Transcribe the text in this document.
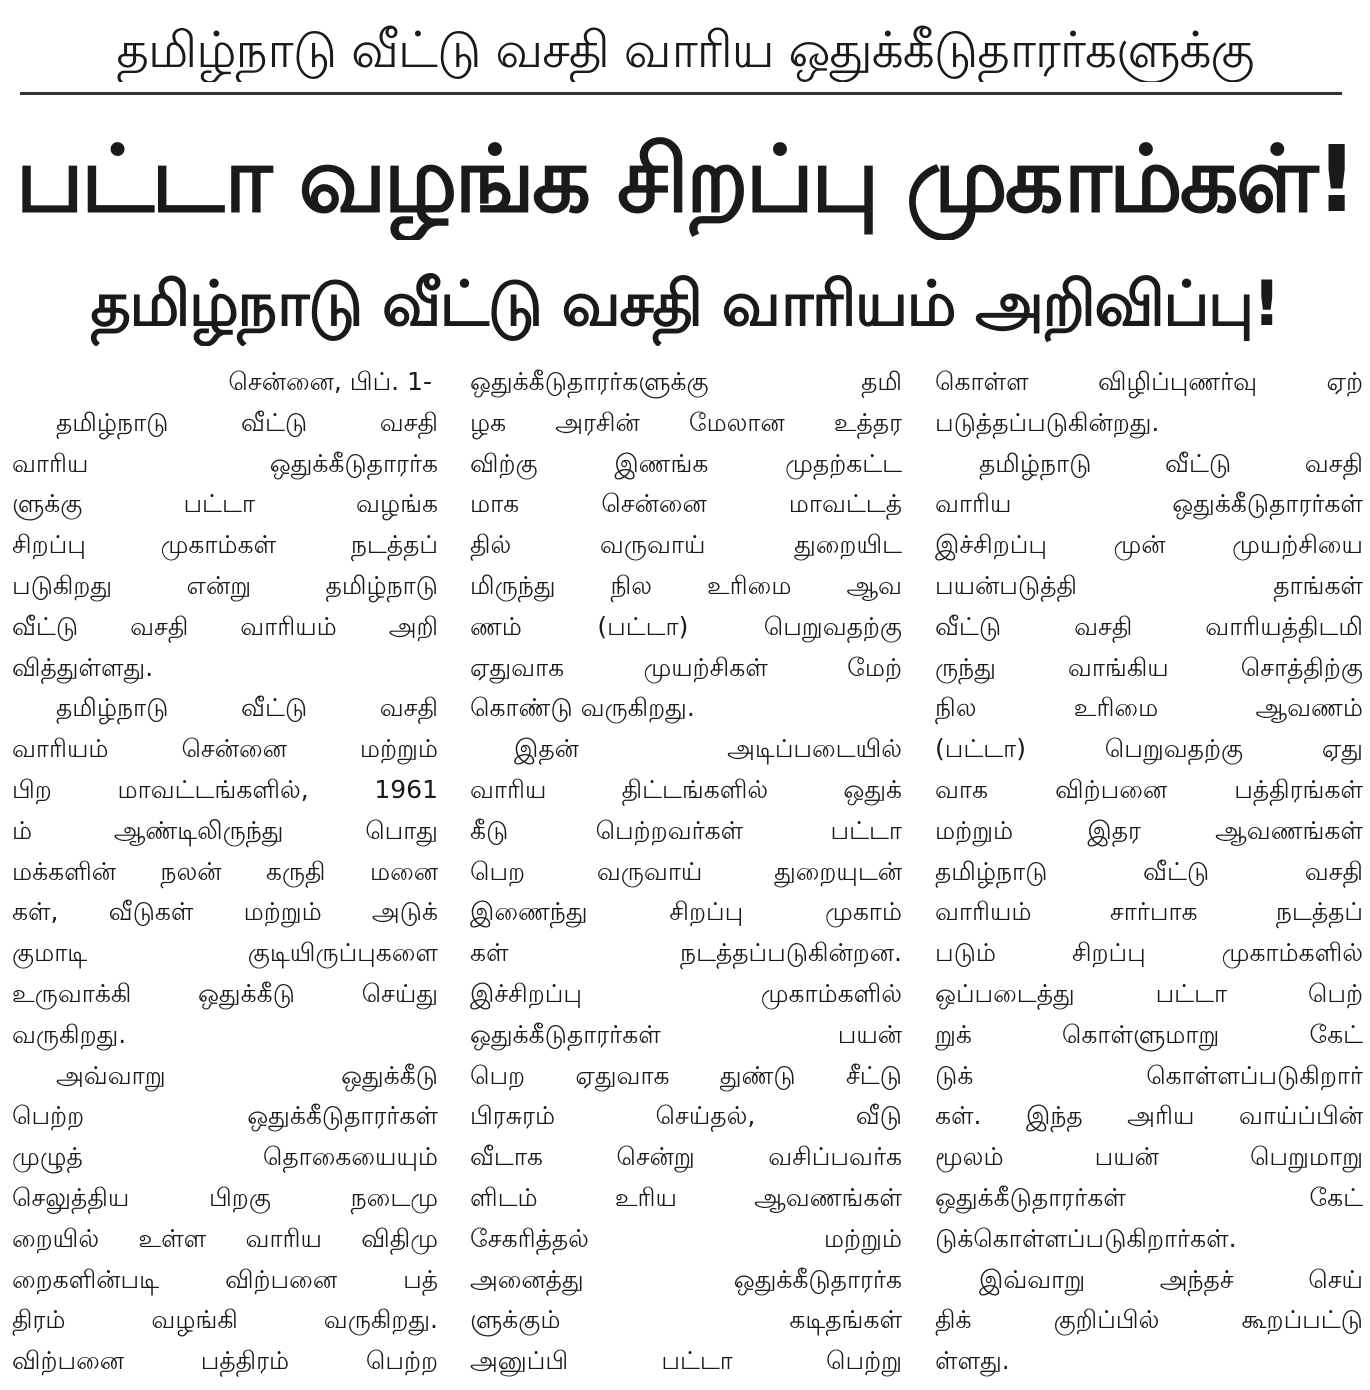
தமிழ்நாடு வீட்டு வசதி வாரிய ஒதுக்கீடுதாரர்களுக்கு
பட்டா வழங்க சிறப்பு முகாம்கள்!
தமிழ்நாடு வீட்டு வசதி வாரியம் அறிவிப்பு!
சென்னை, பிப். 1-
தமிழ்நாடு வீட்டு வசதி
வாரிய ஒதுக்கீடுதாரர்க
ளுக்கு பட்டா வழங்க
சிறப்பு முகாம்கள் நடத்தப்
படுகிறது என்று தமிழ்நாடு
வீட்டு வசதி வாரியம் அறி
வித்துள்ளது.
தமிழ்நாடு வீட்டு வசதி
வாரியம் சென்னை மற்றும்
பிற மாவட்டங்களில், 1961
ம் ஆண்டிலிருந்து பொது
மக்களின் நலன் கருதி மனை
கள், வீடுகள் மற்றும் அடுக்
குமாடி குடியிருப்புகளை
உருவாக்கி ஒதுக்கீடு செய்து
வருகிறது.
அவ்வாறு ஒதுக்கீடு
பெற்ற ஒதுக்கீடுதாரர்கள்
முழுத் தொகையையும்
செலுத்திய பிறகு நடைமு
றையில் உள்ள வாரிய விதிமு
றைகளின்படி விற்பனை பத்
திரம் வழங்கி வருகிறது.
விற்பனை பத்திரம் பெற்ற
ஒதுக்கீடுதாரர்களுக்கு தமி
ழக அரசின் மேலான உத்தர
விற்கு இணங்க முதற்கட்ட
மாக சென்னை மாவட்டத்
தில் வருவாய் துறையிட
மிருந்து நில உரிமை ஆவ
ணம் (பட்டா) பெறுவதற்கு
ஏதுவாக முயற்சிகள் மேற்
கொண்டு வருகிறது.
இதன் அடிப்படையில்
வாரிய திட்டங்களில் ஒதுக்
கீடு பெற்றவர்கள் பட்டா
பெற வருவாய் துறையுடன்
இணைந்து சிறப்பு முகாம்
கள் நடத்தப்படுகின்றன.
இச்சிறப்பு முகாம்களில்
ஒதுக்கீடுதாரர்கள் பயன்
பெற ஏதுவாக துண்டு சீட்டு
பிரசுரம் செய்தல், வீடு
வீடாக சென்று வசிப்பவர்க
ளிடம் உரிய ஆவணங்கள்
சேகரித்தல் மற்றும்
அனைத்து ஒதுக்கீடுதாரர்க
ளுக்கும் கடிதங்கள்
அனுப்பி பட்டா பெற்று
கொள்ள விழிப்புணர்வு ஏற்
படுத்தப்படுகின்றது.
தமிழ்நாடு வீட்டு வசதி
வாரிய ஒதுக்கீடுதாரர்கள்
இச்சிறப்பு முன் முயற்சியை
பயன்படுத்தி தாங்கள்
வீட்டு வசதி வாரியத்திடமி
ருந்து வாங்கிய சொத்திற்கு
நில உரிமை ஆவணம்
(பட்டா) பெறுவதற்கு ஏது
வாக விற்பனை பத்திரங்கள்
மற்றும் இதர ஆவணங்கள்
தமிழ்நாடு வீட்டு வசதி
வாரியம் சார்பாக நடத்தப்
படும் சிறப்பு முகாம்களில்
ஒப்படைத்து பட்டா பெற்
றுக் கொள்ளுமாறு கேட்
டுக் கொள்ளப்படுகிறார்
கள். இந்த அரிய வாய்ப்பின்
மூலம் பயன் பெறுமாறு
ஒதுக்கீடுதாரர்கள் கேட்
டுக்கொள்ளப்படுகிறார்கள்.
இவ்வாறு அந்தச் செய்
திக் குறிப்பில் கூறப்பட்டு
ள்ளது.
